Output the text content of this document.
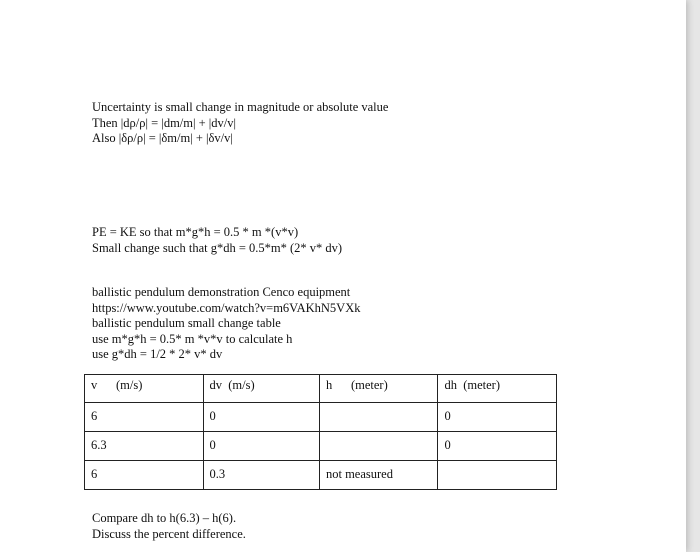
Uncertainty is small change in magnitude or absolute value
Then |dρ/ρ| = |dm/m| + |dv/v|
Also |δρ/ρ| = |δm/m| + |δv/v|
PE = KE so that m*g*h = 0.5 * m *(v*v)
Small change such that g*dh = 0.5*m* (2* v* dv)
ballistic pendulum demonstration Cenco equipment
https://www.youtube.com/watch?v=m6VAKhN5VXk
ballistic pendulum small change table
use m*g*h = 0.5* m *v*v to calculate h
use g*dh = 1/2 * 2* v* dv
v      (m/s)	dv  (m/s)	h      (meter)	dh  (meter)

6	0		0

6.3	0		0

6	0.3	not measured	

Compare dh to h(6.3) – h(6).
Discuss the percent difference.
